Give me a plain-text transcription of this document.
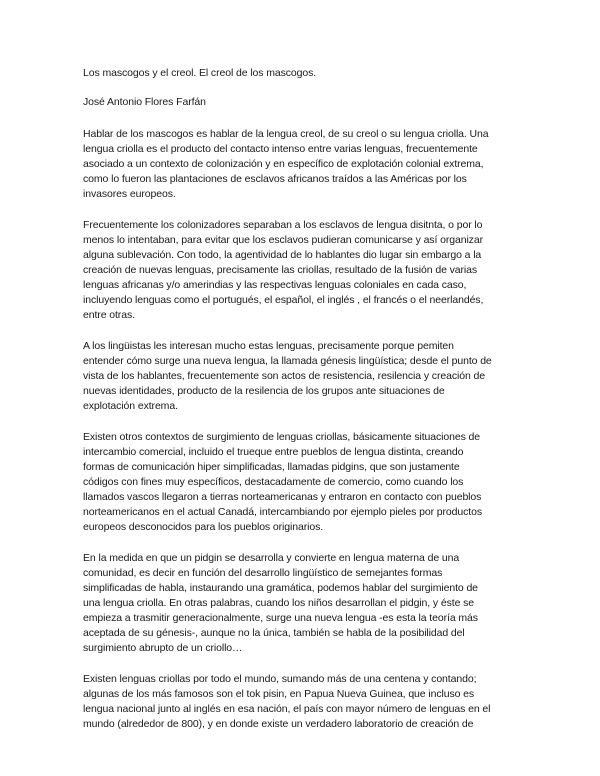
Los mascogos y el creol. El creol de los mascogos.

José Antonio Flores Farfán

Hablar de los mascogos es hablar de la lengua creol, de su creol o su lengua criolla. Una
lengua criolla es el producto del contacto intenso entre varias lenguas, frecuentemente
asociado a un contexto de colonización y en específico de explotación colonial extrema,
como lo fueron las plantaciones de esclavos africanos traídos a las Américas por los
invasores europeos.

Frecuentemente los colonizadores separaban a los esclavos de lengua disitnta, o por lo
menos lo intentaban, para evitar que los esclavos pudieran comunicarse y así organizar
alguna sublevación. Con todo, la agentividad de lo hablantes dio lugar sin embargo a la
creación de nuevas lenguas, precisamente las criollas, resultado de la fusión de varias
lenguas africanas y/o amerindias y las respectivas lenguas coloniales en cada caso,
incluyendo lenguas como el portugués, el español, el inglés , el francés o el neerlandés,
entre otras.

A los lingüistas les interesan mucho estas lenguas, precisamente porque pemiten
entender cómo surge una nueva lengua, la llamada génesis lingüística; desde el punto de
vista de los hablantes, frecuentemente son actos de resistencia, resilencia y creación de
nuevas identidades, producto de la resilencia de los grupos ante situaciones de
explotación extrema.

Existen otros contextos de surgimiento de lenguas criollas, básicamente situaciones de
intercambio comercial, incluido el trueque entre pueblos de lengua distinta, creando
formas de comunicación hiper simplificadas, llamadas pidgins, que son justamente
códigos con fines muy específicos, destacadamente de comercio, como cuando los
llamados vascos llegaron a tierras norteamericanas y entraron en contacto con pueblos
norteamericanos en el actual Canadá, intercambiando por ejemplo pieles por productos
europeos desconocidos para los pueblos originarios.

En la medida en que un pidgin se desarrolla y convierte en lengua materna de una
comunidad, es decir en función del desarrollo lingüístico de semejantes formas
simplificadas de habla, instaurando una gramática, podemos hablar del surgimiento de
una lengua criolla. En otras palabras, cuando los niños desarrollan el pidgin, y éste se
empieza a trasmitir generacionalmente, surge una nueva lengua -es esta la teoría más
aceptada de su génesis-, aunque no la única, también se habla de la posibilidad del
surgimiento abrupto de un criollo…

Existen lenguas criollas por todo el mundo, sumando más de una centena y contando;
algunas de los más famosos son el tok pisin, en Papua Nueva Guinea, que incluso es
lengua nacional junto al inglés en esa nación, el país con mayor número de lenguas en el
mundo (alrededor de 800), y en donde existe un verdadero laboratorio de creación de
